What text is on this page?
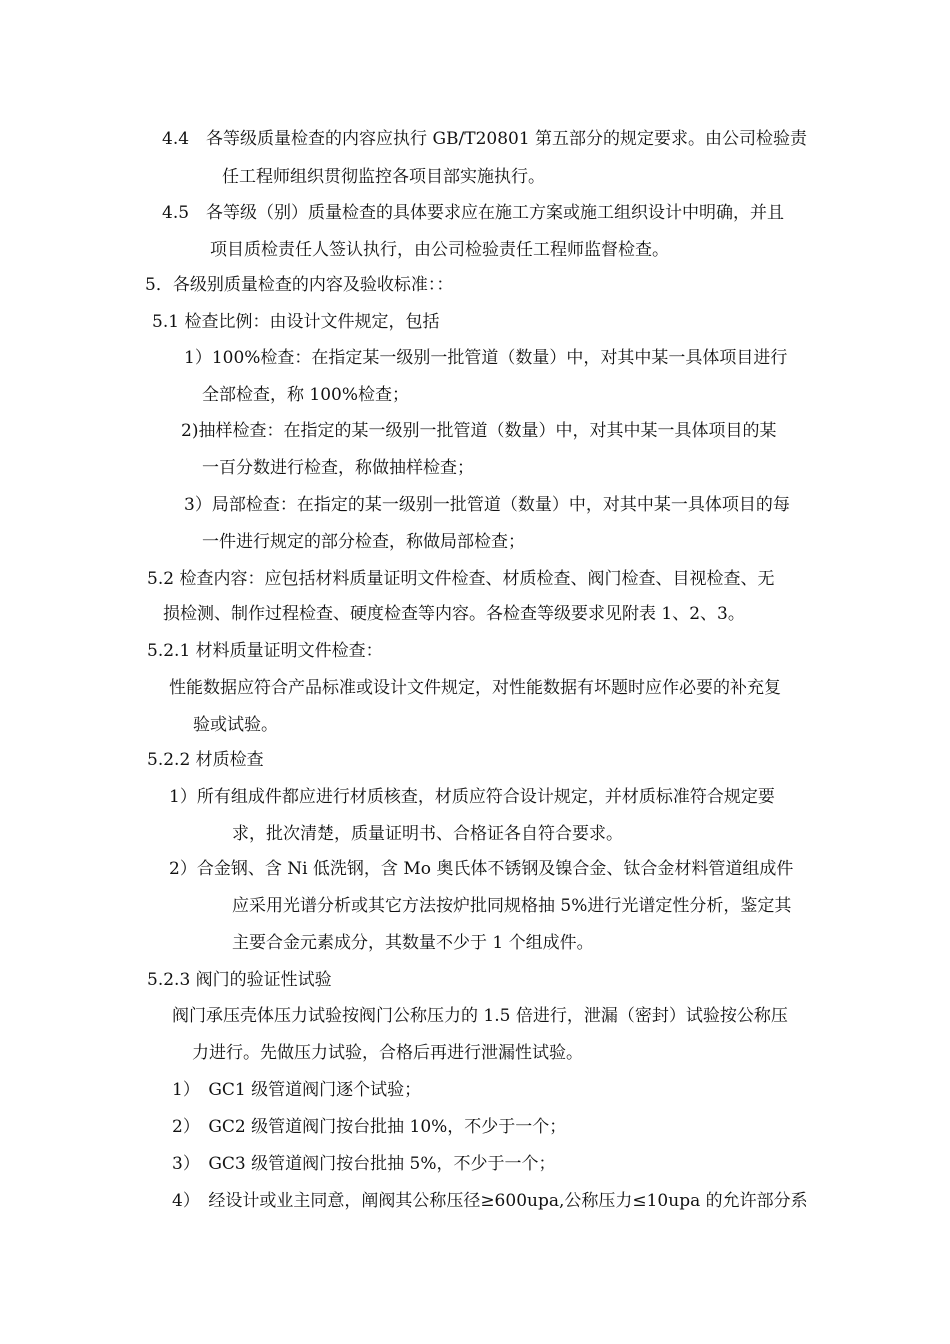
4.4　各等级质量检查的内容应执行 GB/T20801 第五部分的规定要求。由公司检验责
任工程师组织贯彻监控各项目部实施执行。
4.5　各等级（别）质量检查的具体要求应在施工方案或施工组织设计中明确，并且
项目质检责任人签认执行，由公司检验责任工程师监督检查。
5．各级别质量检查的内容及验收标准：：
5.1 检查比例：由设计文件规定，包括
1）100%检查：在指定某一级别一批管道（数量）中，对其中某一具体项目进行
全部检查，称 100%检查；
2)抽样检查：在指定的某一级别一批管道（数量）中，对其中某一具体项目的某
一百分数进行检查，称做抽样检查；
3）局部检查：在指定的某一级别一批管道（数量）中，对其中某一具体项目的每
一件进行规定的部分检查，称做局部检查；
5.2 检查内容：应包括材料质量证明文件检查、材质检查、阀门检查、目视检查、无
损检测、制作过程检查、硬度检查等内容。各检查等级要求见附表 1、2、3。
5.2.1 材料质量证明文件检查：
性能数据应符合产品标准或设计文件规定，对性能数据有坏题时应作必要的补充复
验或试验。
5.2.2 材质检查
1）所有组成件都应进行材质核查，材质应符合设计规定，并材质标准符合规定要
求，批次清楚，质量证明书、合格证各自符合要求。
2）合金钢、含 Ni 低洗钢，含 Mo 奥氏体不锈钢及镍合金、钛合金材料管道组成件
应采用光谱分析或其它方法按炉批同规格抽 5%进行光谱定性分析，鉴定其
主要合金元素成分，其数量不少于 1 个组成件。
5.2.3 阀门的验证性试验
阀门承压壳体压力试验按阀门公称压力的 1.5 倍进行，泄漏（密封）试验按公称压
力进行。先做压力试验，合格后再进行泄漏性试验。
1）　GC1 级管道阀门逐个试验；
2）　GC2 级管道阀门按台批抽 10%，不少于一个；
3）　GC3 级管道阀门按台批抽 5%，不少于一个；
4）　经设计或业主同意，阐阀其公称压径≥600upa,公称压力≤10upa 的允许部分系
